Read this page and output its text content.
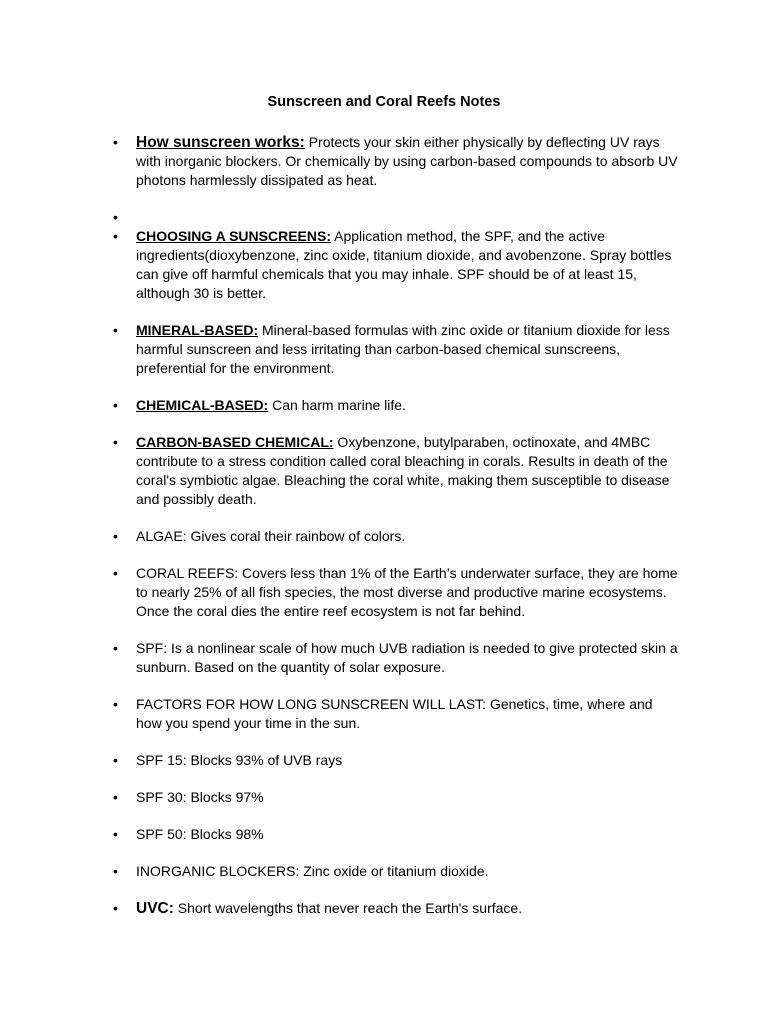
Sunscreen and Coral Reefs Notes
•
How sunscreen works: Protects your skin either physically by deflecting UV rays with inorganic blockers. Or chemically by using carbon-based compounds to absorb UV photons harmlessly dissipated as heat.
•
•
CHOOSING A SUNSCREENS: Application method, the SPF, and the active ingredients(dioxybenzone, zinc oxide, titanium dioxide, and avobenzone. Spray bottles can give off harmful chemicals that you may inhale. SPF should be of at least 15, although 30 is better.
•
MINERAL-BASED: Mineral-based formulas with zinc oxide or titanium dioxide for less harmful sunscreen and less irritating than carbon-based chemical sunscreens, preferential for the environment.
•
CHEMICAL-BASED: Can harm marine life.
•
CARBON-BASED CHEMICAL: Oxybenzone, butylparaben, octinoxate, and 4MBC contribute to a stress condition called coral bleaching in corals. Results in death of the coral's symbiotic algae. Bleaching the coral white, making them susceptible to disease and possibly death.
•
ALGAE: Gives coral their rainbow of colors.
•
CORAL REEFS: Covers less than 1% of the Earth’s underwater surface, they are home to nearly 25% of all fish species, the most diverse and productive marine ecosystems. Once the coral dies the entire reef ecosystem is not far behind.
•
SPF: Is a nonlinear scale of how much UVB radiation is needed to give protected skin a sunburn. Based on the quantity of solar exposure.
•
FACTORS FOR HOW LONG SUNSCREEN WILL LAST: Genetics, time, where and how you spend your time in the sun.
•
SPF 15: Blocks 93% of UVB rays
•
SPF 30: Blocks 97%
•
SPF 50: Blocks 98%
•
INORGANIC BLOCKERS: Zinc oxide or titanium dioxide.
•
UVC: Short wavelengths that never reach the Earth's surface.
